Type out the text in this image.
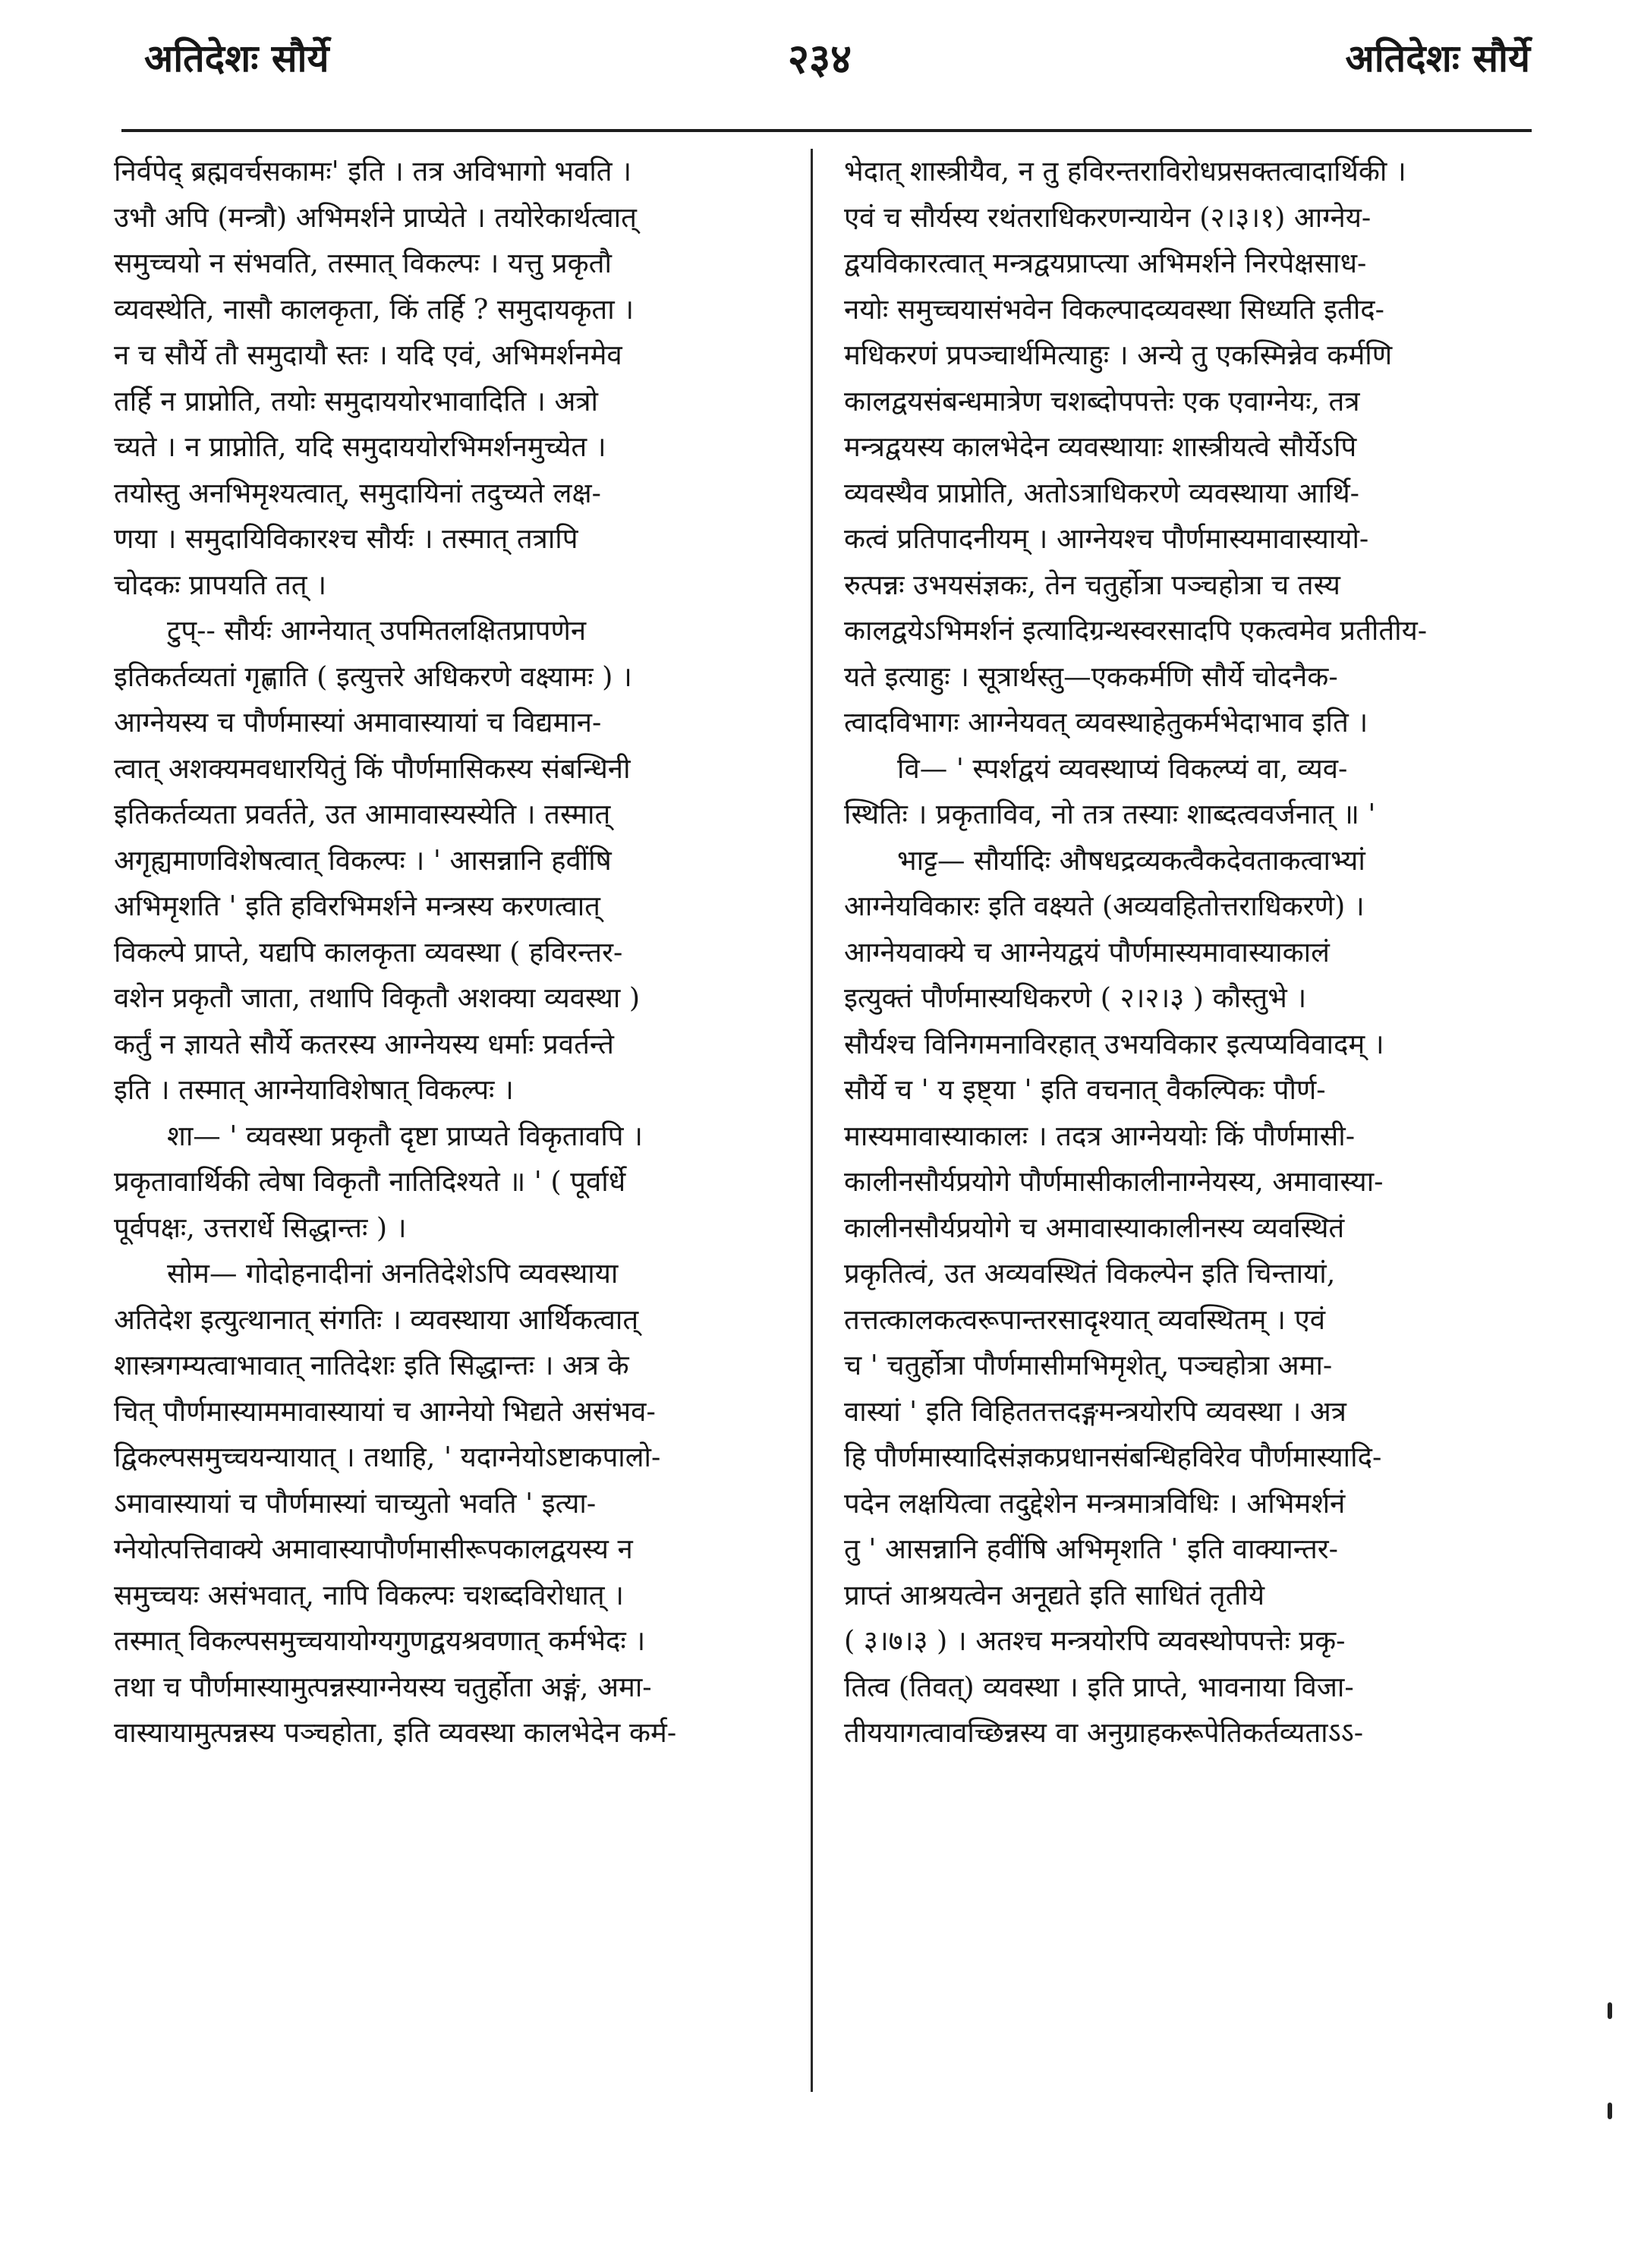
अतिदेशः सौर्ये	२३४	अतिदेशः सौर्ये
निर्वपेद् ब्रह्मवर्चसकामः' इति । तत्र अविभागो भवति ।
उभौ अपि (मन्त्रौ) अभिमर्शने प्राप्येते । तयोरेकार्थत्वात्
समुच्चयो न संभवति, तस्मात् विकल्पः । यत्तु प्रकृतौ
व्यवस्थेति, नासौ कालकृता, किं तर्हि ? समुदायकृता ।
न च सौर्ये तौ समुदायौ स्तः । यदि एवं, अभिमर्शनमेव
तर्हि न प्राप्नोति, तयोः समुदाययोरभावादिति । अत्रो
च्यते । न प्राप्नोति, यदि समुदाययोरभिमर्शनमुच्येत ।
तयोस्तु अनभिमृश्यत्वात्, समुदायिनां तदुच्यते लक्ष-
णया । समुदायिविकारश्च सौर्यः । तस्मात् तत्रापि
चोदकः प्रापयति तत् ।
टुप्-- सौर्यः आग्नेयात् उपमितलक्षितप्रापणेन
इतिकर्तव्यतां गृह्णाति ( इत्युत्तरे अधिकरणे वक्ष्यामः ) ।
आग्नेयस्य च पौर्णमास्यां अमावास्यायां च विद्यमान-
त्वात् अशक्यमवधारयितुं किं पौर्णमासिकस्य संबन्धिनी
इतिकर्तव्यता प्रवर्तते, उत आमावास्यस्येति । तस्मात्
अगृह्यमाणविशेषत्वात् विकल्पः । ' आसन्नानि हवींषि
अभिमृशति ' इति हविरभिमर्शने मन्त्रस्य करणत्वात्
विकल्पे प्राप्ते, यद्यपि कालकृता व्यवस्था ( हविरन्तर-
वशेन प्रकृतौ जाता, तथापि विकृतौ अशक्या व्यवस्था )
कर्तुं न ज्ञायते सौर्ये कतरस्य आग्नेयस्य धर्माः प्रवर्तन्ते
इति । तस्मात् आग्नेयाविशेषात् विकल्पः ।
शा— ' व्यवस्था प्रकृतौ दृष्टा प्राप्यते विकृतावपि ।
प्रकृतावार्थिकी त्वेषा विकृतौ नातिदिश्यते ॥ ' ( पूर्वार्धे
पूर्वपक्षः, उत्तरार्धे सिद्धान्तः ) ।
सोम— गोदोहनादीनां अनतिदेशेऽपि व्यवस्थाया
अतिदेश इत्युत्थानात् संगतिः । व्यवस्थाया आर्थिकत्वात्
शास्त्रगम्यत्वाभावात् नातिदेशः इति सिद्धान्तः । अत्र के
चित् पौर्णमास्याममावास्यायां च आग्नेयो भिद्यते असंभव-
द्विकल्पसमुच्चयन्यायात् । तथाहि, ' यदाग्नेयोऽष्टाकपालो-
ऽमावास्यायां च पौर्णमास्यां चाच्युतो भवति ' इत्या-
ग्नेयोत्पत्तिवाक्ये अमावास्यापौर्णमासीरूपकालद्वयस्य न
समुच्चयः असंभवात्, नापि विकल्पः चशब्दविरोधात् ।
तस्मात् विकल्पसमुच्चयायोग्यगुणद्वयश्रवणात् कर्मभेदः ।
तथा च पौर्णमास्यामुत्पन्नस्याग्नेयस्य चतुर्होता अङ्गं, अमा-
वास्यायामुत्पन्नस्य पञ्चहोता, इति व्यवस्था कालभेदेन कर्म-
भेदात् शास्त्रीयैव, न तु हविरन्तराविरोधप्रसक्तत्वादार्थिकी ।
एवं च सौर्यस्य रथंतराधिकरणन्यायेन (२।३।१) आग्नेय-
द्वयविकारत्वात् मन्त्रद्वयप्राप्त्या अभिमर्शने निरपेक्षसाध-
नयोः समुच्चयासंभवेन विकल्पादव्यवस्था सिध्यति इतीद-
मधिकरणं प्रपञ्चार्थमित्याहुः । अन्ये तु एकस्मिन्नेव कर्मणि
कालद्वयसंबन्धमात्रेण चशब्दोपपत्तेः एक एवाग्नेयः, तत्र
मन्त्रद्वयस्य कालभेदेन व्यवस्थायाः शास्त्रीयत्वे सौर्येऽपि
व्यवस्थैव प्राप्नोति, अतोऽत्राधिकरणे व्यवस्थाया आर्थि-
कत्वं प्रतिपादनीयम् । आग्नेयश्च पौर्णमास्यमावास्यायो-
रुत्पन्नः उभयसंज्ञकः, तेन चतुर्होत्रा पञ्चहोत्रा च तस्य
कालद्वयेऽभिमर्शनं इत्यादिग्रन्थस्वरसादपि एकत्वमेव प्रतीतीय-
यते इत्याहुः । सूत्रार्थस्तु—एककर्मणि सौर्ये चोदनैक-
त्वादविभागः आग्नेयवत् व्यवस्थाहेतुकर्मभेदाभाव इति ।
वि— ' स्पर्शद्वयं व्यवस्थाप्यं विकल्प्यं वा, व्यव-
स्थितिः । प्रकृताविव, नो तत्र तस्याः शाब्दत्ववर्जनात् ॥ '
भाट्ट— सौर्यादिः औषधद्रव्यकत्वैकदेवताकत्वाभ्यां
आग्नेयविकारः इति वक्ष्यते (अव्यवहितोत्तराधिकरणे) ।
आग्नेयवाक्ये च आग्नेयद्वयं पौर्णमास्यमावास्याकालं
इत्युक्तं पौर्णमास्यधिकरणे ( २।२।३ ) कौस्तुभे ।
सौर्यश्च विनिगमनाविरहात् उभयविकार इत्यप्यविवादम् ।
सौर्ये च ' य इष्ट्या ' इति वचनात् वैकल्पिकः पौर्ण-
मास्यमावास्याकालः । तदत्र आग्नेययोः किं पौर्णमासी-
कालीनसौर्यप्रयोगे पौर्णमासीकालीनाग्नेयस्य, अमावास्या-
कालीनसौर्यप्रयोगे च अमावास्याकालीनस्य व्यवस्थितं
प्रकृतित्वं, उत अव्यवस्थितं विकल्पेन इति चिन्तायां,
तत्तत्कालकत्वरूपान्तरसादृश्यात् व्यवस्थितम् । एवं
च ' चतुर्होत्रा पौर्णमासीमभिमृशेत्, पञ्चहोत्रा अमा-
वास्यां ' इति विहिततत्तदङ्गमन्त्रयोरपि व्यवस्था । अत्र
हि पौर्णमास्यादिसंज्ञकप्रधानसंबन्धिहविरेव पौर्णमास्यादि-
पदेन लक्षयित्वा तदुद्देशेन मन्त्रमात्रविधिः । अभिमर्शनं
तु ' आसन्नानि हवींषि अभिमृशति ' इति वाक्यान्तर-
प्राप्तं आश्रयत्वेन अनूद्यते इति साधितं तृतीये
( ३।७।३ ) । अतश्च मन्त्रयोरपि व्यवस्थोपपत्तेः प्रकृ-
तित्व (तिवत्) व्यवस्था । इति प्राप्ते, भावनाया विजा-
तीययागत्वावच्छिन्नस्य वा अनुग्राहकरूपेतिकर्तव्यताऽऽ-
